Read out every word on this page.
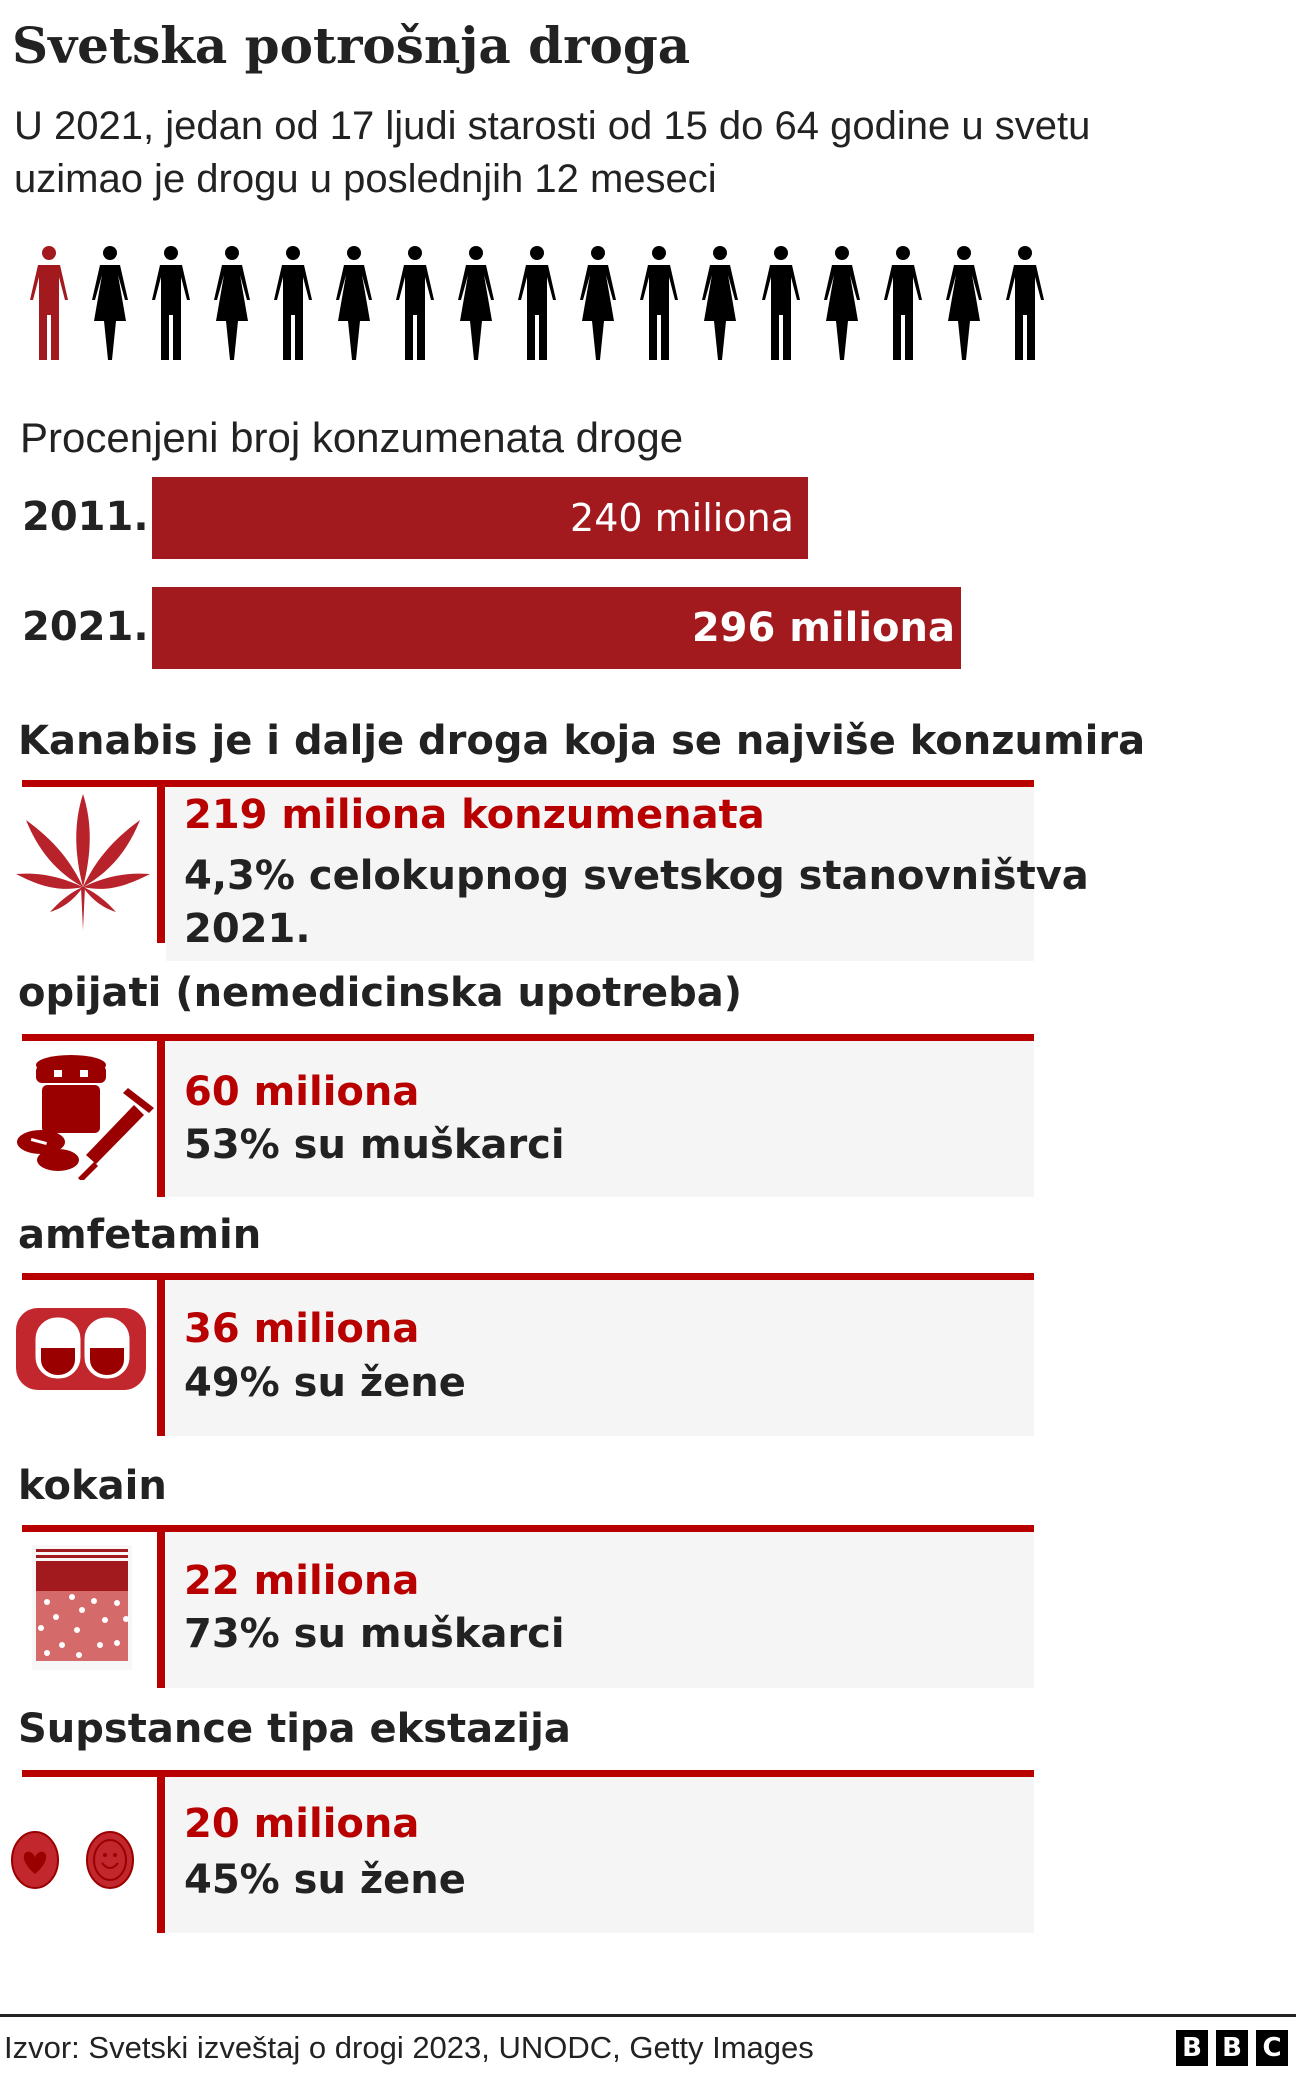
Svetska potrošnja droga
U 2021, jedan od 17 ljudi starosti od 15 do 64 godine u svetu
uzimao je drogu u poslednjih 12 meseci
Procenjeni broj konzumenata droge
2011.	240 miliona
2021.	296 miliona
Kanabis je i dalje droga koja se najviše konzumira
219 miliona konzumenata
4,3% celokupnog svetskog stanovništva
2021.
opijati (nemedicinska upotreba)
60 miliona
53% su muškarci
amfetamin
36 miliona
49% su žene
kokain
22 miliona
73% su muškarci
Supstance tipa ekstazija
20 miliona
45% su žene
Izvor: Svetski izveštaj o drogi 2023, UNODC, Getty Images	B B C
